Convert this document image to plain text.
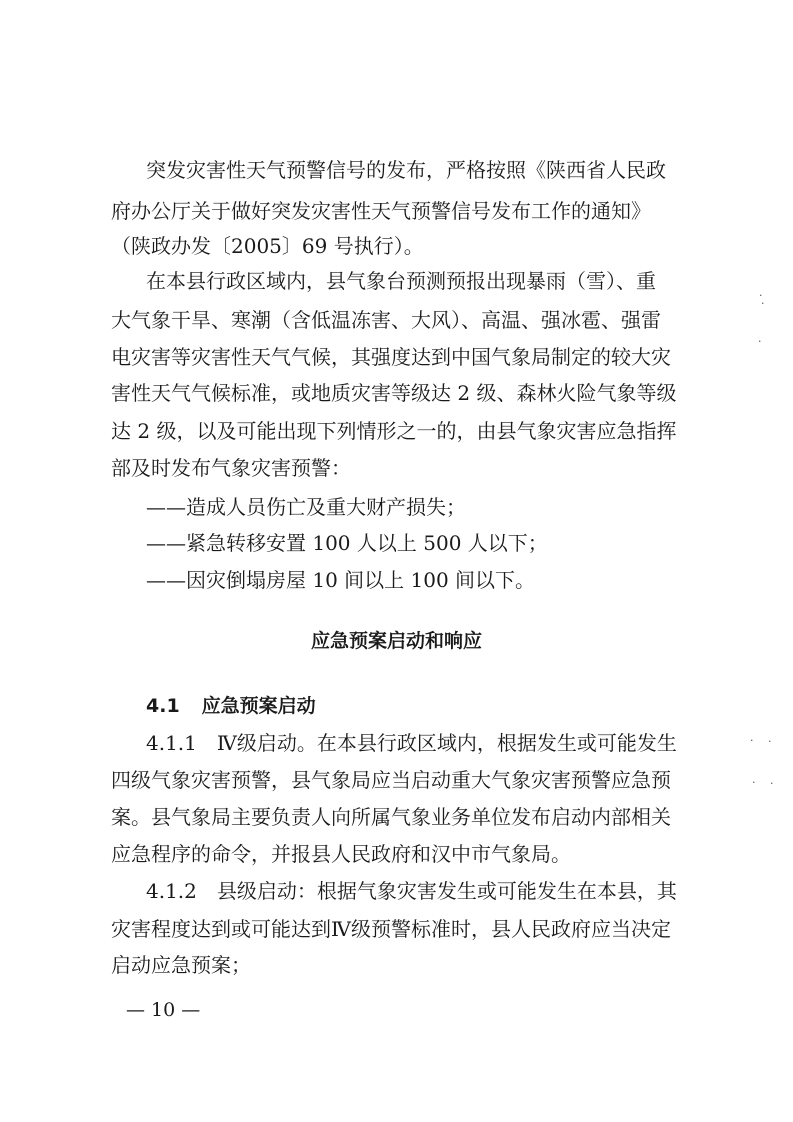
突发灾害性天气预警信号的发布，严格按照《陕西省人民政

府办公厅关于做好突发灾害性天气预警信号发布工作的通知》

（陕政办发〔2005〕69 号执行）。

在本县行政区域内，县气象台预测预报出现暴雨（雪）、重

大气象干旱、寒潮（含低温冻害、大风）、高温、强冰雹、强雷

电灾害等灾害性天气气候，其强度达到中国气象局制定的较大灾

害性天气气候标准，或地质灾害等级达 2 级、森林火险气象等级

达 2 级，以及可能出现下列情形之一的，由县气象灾害应急指挥

部及时发布气象灾害预警：

——造成人员伤亡及重大财产损失；

——紧急转移安置 100 人以上 500 人以下；

——因灾倒塌房屋 10 间以上 100 间以下。

应急预案启动和响应

4.1 应急预案启动

4.1.1　Ⅳ级启动。在本县行政区域内，根据发生或可能发生

四级气象灾害预警，县气象局应当启动重大气象灾害预警应急预

案。县气象局主要负责人向所属气象业务单位发布启动内部相关

应急程序的命令，并报县人民政府和汉中市气象局。

4.1.2　县级启动：根据气象灾害发生或可能发生在本县，其

灾害程度达到或可能达到Ⅳ级预警标准时，县人民政府应当决定

启动应急预案；

— 10 —
·
·
·
· ·
· ·
